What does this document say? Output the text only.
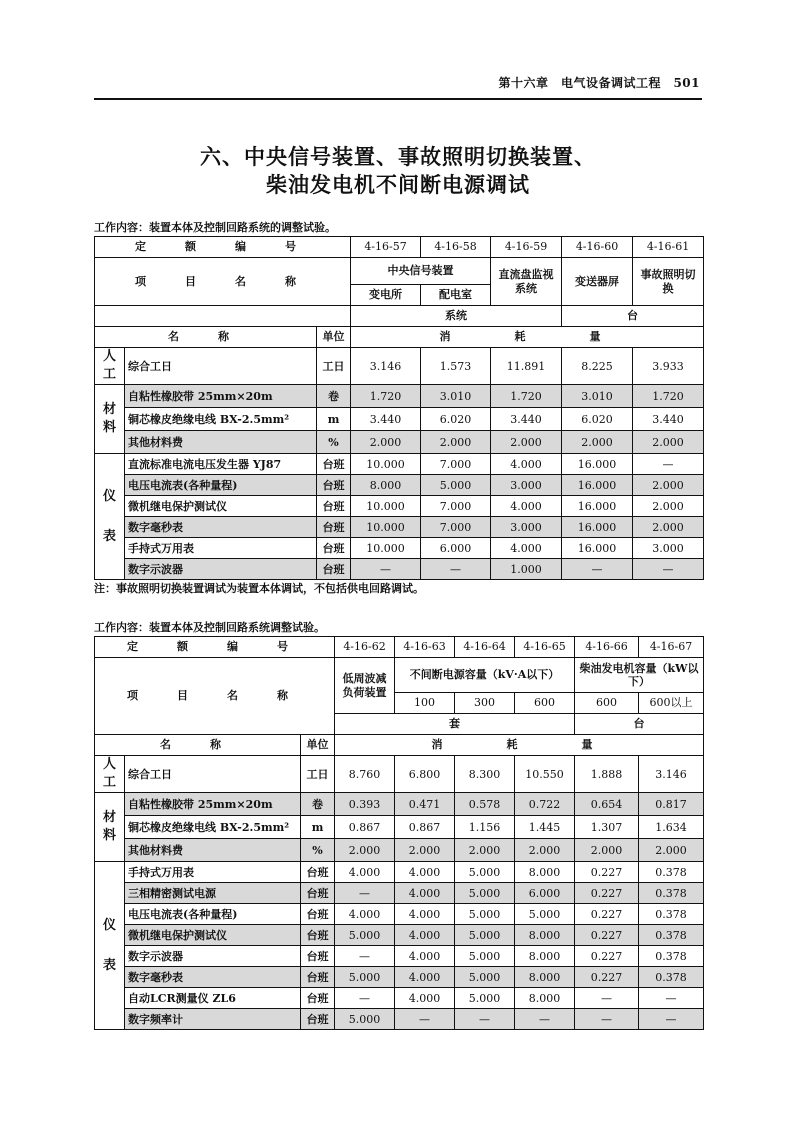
第十六章　电气设备调试工程　501
六、中央信号装置、事故照明切换装置、
柴油发电机不间断电源调试
工作内容：装置本体及控制回路系统的调整试验。
定　额　编　号			4-16-57	4-16-58	4-16-59	4-16-60	4-16-61
项　目　名　称			中央信号装置		直流盘监视系统	变送器屏	事故照明切换
			变电所	配电室			
			系统			台	
名　称		单位	消　　耗　　量				
人工	综合工日	工日	3.146	1.573	11.891	8.225	3.933
材料	自粘性橡胶带 25mm×20m	卷	1.720	3.010	1.720	3.010	1.720
	铜芯橡皮绝缘电线 BX-2.5mm²	m	3.440	6.020	3.440	6.020	3.440
	其他材料费	%	2.000	2.000	2.000	2.000	2.000
仪表	直流标准电流电压发生器 YJ87	台班	10.000	7.000	4.000	16.000	—
	电压电流表(各种量程)	台班	8.000	5.000	3.000	16.000	2.000
	微机继电保护测试仪	台班	10.000	7.000	4.000	16.000	2.000
	数字毫秒表	台班	10.000	7.000	3.000	16.000	2.000
	手持式万用表	台班	10.000	6.000	4.000	16.000	3.000
	数字示波器	台班	—	—	1.000	—	—
注：事故照明切换装置调试为装置本体调试，不包括供电回路调试。
工作内容：装置本体及控制回路系统调整试验。
定　额　编　号			4-16-62	4-16-63	4-16-64	4-16-65	4-16-66	4-16-67
项　目　名　称			低周波减负荷装置	不间断电源容量（kV·A以下）			柴油发电机容量（kW以下）	
				100	300	600	600	600以上
			套				台	
名　称		单位	消　　耗　　量					
人工	综合工日	工日	8.760	6.800	8.300	10.550	1.888	3.146
材料	自粘性橡胶带 25mm×20m	卷	0.393	0.471	0.578	0.722	0.654	0.817
	铜芯橡皮绝缘电线 BX-2.5mm²	m	0.867	0.867	1.156	1.445	1.307	1.634
	其他材料费	%	2.000	2.000	2.000	2.000	2.000	2.000
仪表	手持式万用表	台班	4.000	4.000	5.000	8.000	0.227	0.378
	三相精密测试电源	台班	—	4.000	5.000	6.000	0.227	0.378
	电压电流表(各种量程)	台班	4.000	4.000	5.000	5.000	0.227	0.378
	微机继电保护测试仪	台班	5.000	4.000	5.000	8.000	0.227	0.378
	数字示波器	台班	—	4.000	5.000	8.000	0.227	0.378
	数字毫秒表	台班	5.000	4.000	5.000	8.000	0.227	0.378
	自动LCR测量仪 ZL6	台班	—	4.000	5.000	8.000	—	—
	数字频率计	台班	5.000	—	—	—	—	—
